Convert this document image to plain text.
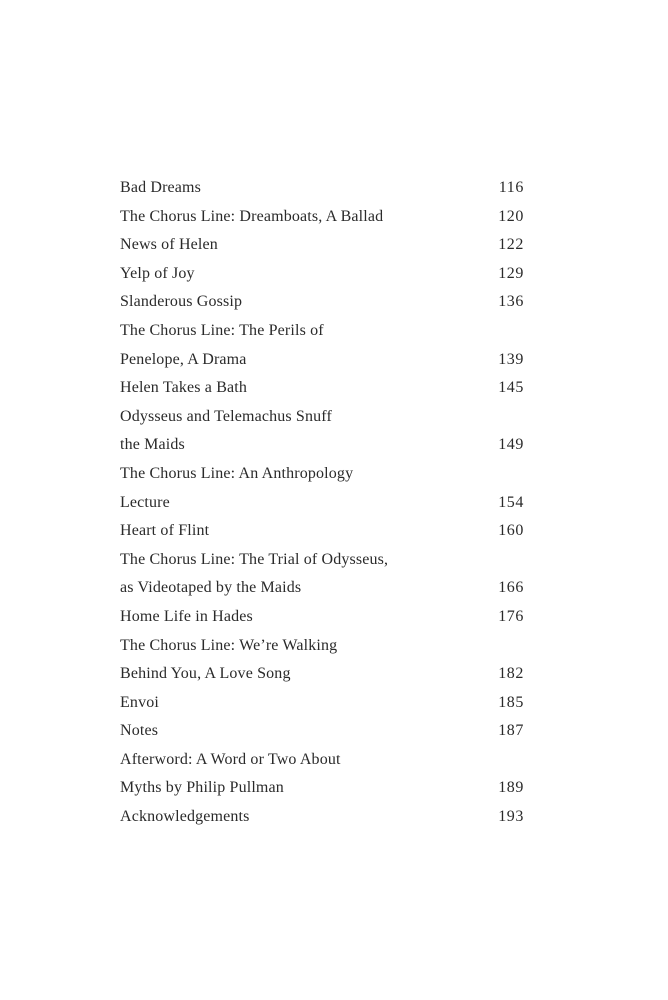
Bad Dreams	116
The Chorus Line: Dreamboats, A Ballad	120
News of Helen	122
Yelp of Joy	129
Slanderous Gossip	136
The Chorus Line: The Perils of
Penelope, A Drama	139
Helen Takes a Bath	145
Odysseus and Telemachus Snuff
the Maids	149
The Chorus Line: An Anthropology
Lecture	154
Heart of Flint	160
The Chorus Line: The Trial of Odysseus,
as Videotaped by the Maids	166
Home Life in Hades	176
The Chorus Line: We’re Walking
Behind You, A Love Song	182
Envoi	185
Notes	187
Afterword: A Word or Two About
Myths by Philip Pullman	189
Acknowledgements	193
